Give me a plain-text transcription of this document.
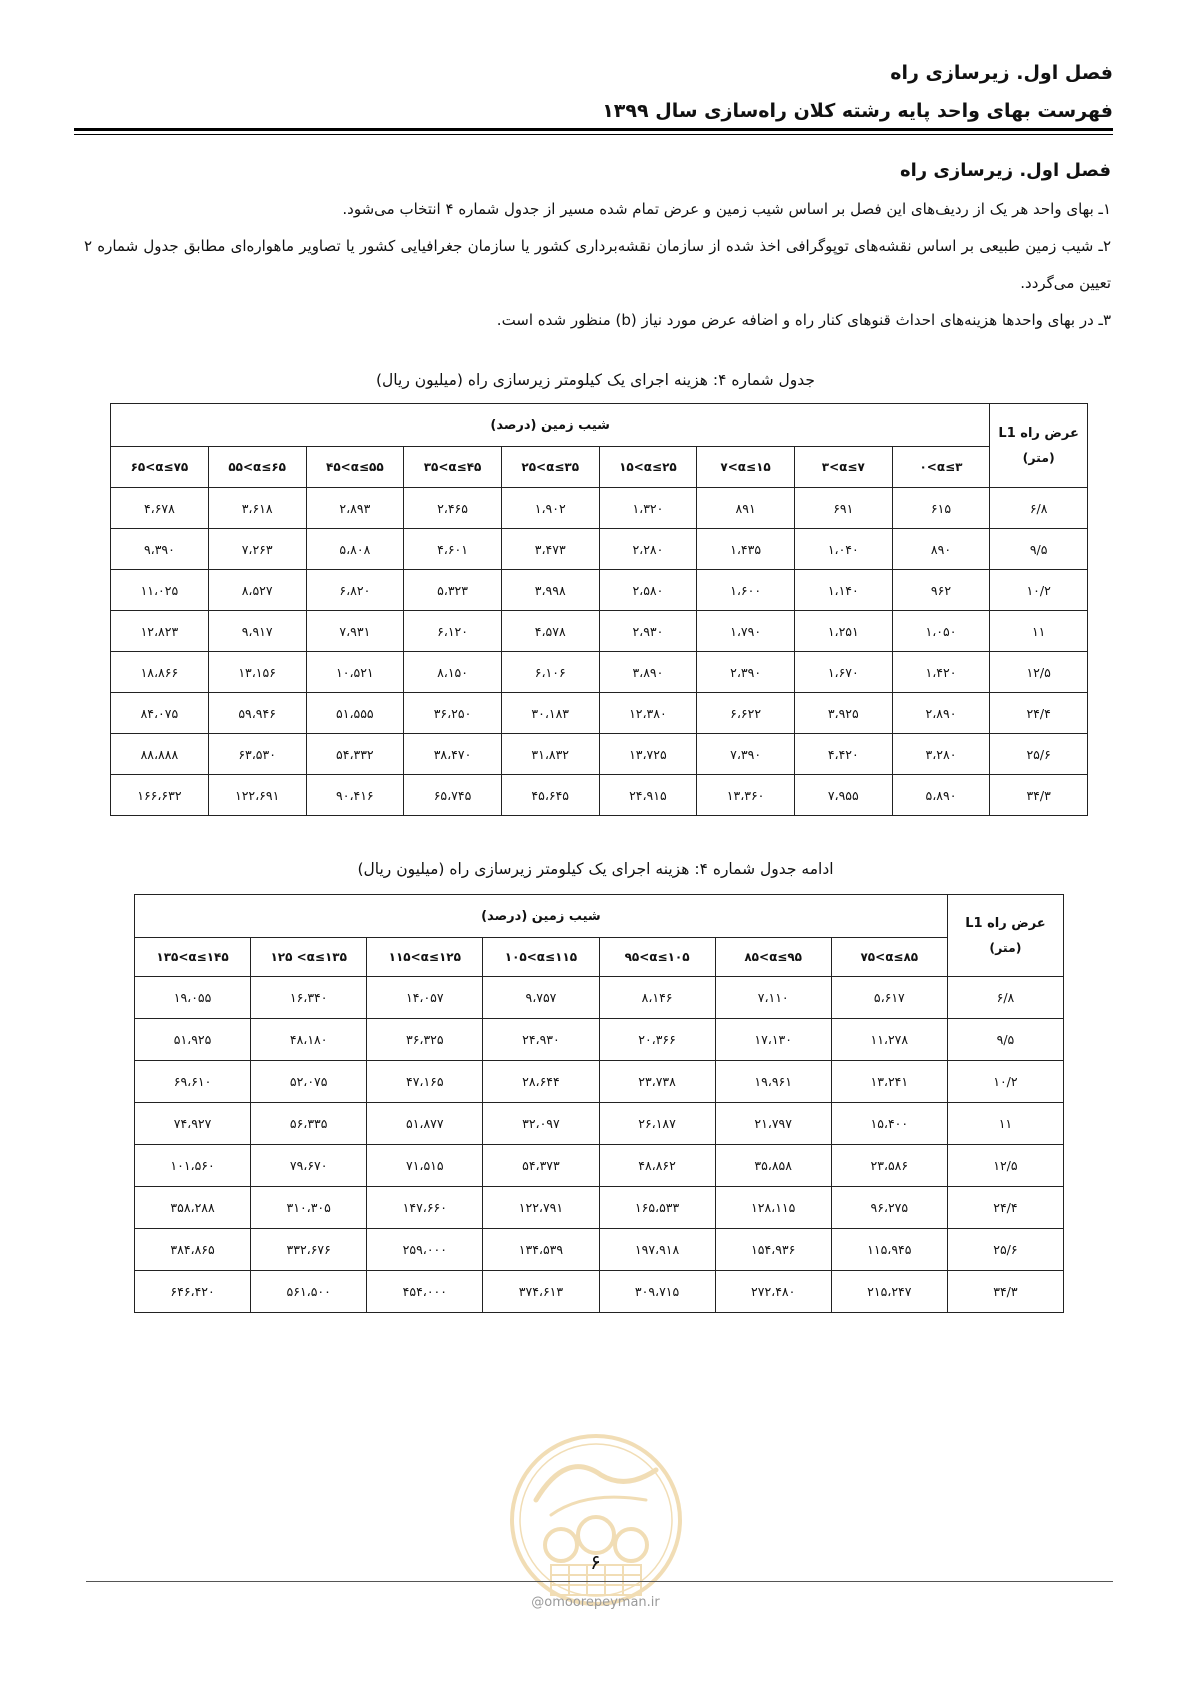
فصل اول. زیرسازی راه
فهرست بهای واحد پایه رشته کلان راه‌سازی سال ۱۳۹۹
فصل اول. زیرسازی راه

۱ـ بهای واحد هر یک از ردیف‌های این فصل بر اساس شیب زمین و عرض تمام شده مسیر از جدول شماره ۴ انتخاب می‌شود.

۲ـ شیب زمین طبیعی بر اساس نقشه‌های توپوگرافی اخذ شده از سازمان نقشه‌برداری کشور یا سازمان جغرافیایی کشور یا تصاویر ماهواره‌ای مطابق جدول شماره ۲ تعیین می‌گردد.

۳ـ در بهای واحدها هزینه‌های احداث قنوهای کنار راه و اضافه عرض مورد نیاز (b) منظور شده است.

جدول شماره ۴: هزینه اجرای یک کیلومتر زیرسازی راه (میلیون ریال)
عرض راه L1
(متر)	شیب زمین (درصد)								
	۰<α≤۳	۳<α≤۷	۷<α≤۱۵	۱۵<α≤۲۵	۲۵<α≤۳۵	۳۵<α≤۴۵	۴۵<α≤۵۵	۵۵<α≤۶۵	۶۵<α≤۷۵
۶/۸	۶۱۵	۶۹۱	۸۹۱	۱،۳۲۰	۱،۹۰۲	۲،۴۶۵	۲،۸۹۳	۳،۶۱۸	۴،۶۷۸
۹/۵	۸۹۰	۱،۰۴۰	۱،۴۳۵	۲،۲۸۰	۳،۴۷۳	۴،۶۰۱	۵،۸۰۸	۷،۲۶۳	۹،۳۹۰
۱۰/۲	۹۶۲	۱،۱۴۰	۱،۶۰۰	۲،۵۸۰	۳،۹۹۸	۵،۳۲۳	۶،۸۲۰	۸،۵۲۷	۱۱،۰۲۵
۱۱	۱،۰۵۰	۱،۲۵۱	۱،۷۹۰	۲،۹۳۰	۴،۵۷۸	۶،۱۲۰	۷،۹۳۱	۹،۹۱۷	۱۲،۸۲۳
۱۲/۵	۱،۴۲۰	۱،۶۷۰	۲،۳۹۰	۳،۸۹۰	۶،۱۰۶	۸،۱۵۰	۱۰،۵۲۱	۱۳،۱۵۶	۱۸،۸۶۶
۲۴/۴	۲،۸۹۰	۳،۹۲۵	۶،۶۲۲	۱۲،۳۸۰	۳۰،۱۸۳	۳۶،۲۵۰	۵۱،۵۵۵	۵۹،۹۴۶	۸۴،۰۷۵
۲۵/۶	۳،۲۸۰	۴،۴۲۰	۷،۳۹۰	۱۳،۷۲۵	۳۱،۸۳۲	۳۸،۴۷۰	۵۴،۳۳۲	۶۳،۵۳۰	۸۸،۸۸۸
۳۴/۳	۵،۸۹۰	۷،۹۵۵	۱۳،۳۶۰	۲۴،۹۱۵	۴۵،۶۴۵	۶۵،۷۴۵	۹۰،۴۱۶	۱۲۲،۶۹۱	۱۶۶،۶۳۲
ادامه جدول شماره ۴: هزینه اجرای یک کیلومتر زیرسازی راه (میلیون ریال)
عرض راه L1
(متر)	شیب زمین (درصد)						
	۷۵<α≤۸۵	۸۵<α≤۹۵	۹۵<α≤۱۰۵	۱۰۵<α≤۱۱۵	۱۱۵<α≤۱۲۵	۱۲۵ <α≤۱۳۵	۱۳۵<α≤۱۴۵
۶/۸	۵،۶۱۷	۷،۱۱۰	۸،۱۴۶	۹،۷۵۷	۱۴،۰۵۷	۱۶،۳۴۰	۱۹،۰۵۵
۹/۵	۱۱،۲۷۸	۱۷،۱۳۰	۲۰،۳۶۶	۲۴،۹۳۰	۳۶،۳۲۵	۴۸،۱۸۰	۵۱،۹۲۵
۱۰/۲	۱۳،۲۴۱	۱۹،۹۶۱	۲۳،۷۳۸	۲۸،۶۴۴	۴۷،۱۶۵	۵۲،۰۷۵	۶۹،۶۱۰
۱۱	۱۵،۴۰۰	۲۱،۷۹۷	۲۶،۱۸۷	۳۲،۰۹۷	۵۱،۸۷۷	۵۶،۳۳۵	۷۴،۹۲۷
۱۲/۵	۲۳،۵۸۶	۳۵،۸۵۸	۴۸،۸۶۲	۵۴،۳۷۳	۷۱،۵۱۵	۷۹،۶۷۰	۱۰۱،۵۶۰
۲۴/۴	۹۶،۲۷۵	۱۲۸،۱۱۵	۱۶۵،۵۳۳	۱۲۲،۷۹۱	۱۴۷،۶۶۰	۳۱۰،۳۰۵	۳۵۸،۲۸۸
۲۵/۶	۱۱۵،۹۴۵	۱۵۴،۹۳۶	۱۹۷،۹۱۸	۱۳۴،۵۳۹	۲۵۹،۰۰۰	۳۳۲،۶۷۶	۳۸۴،۸۶۵
۳۴/۳	۲۱۵،۲۴۷	۲۷۲،۴۸۰	۳۰۹،۷۱۵	۳۷۴،۶۱۳	۴۵۴،۰۰۰	۵۶۱،۵۰۰	۶۴۶،۴۲۰
۶
@omoorepeyman.ir
